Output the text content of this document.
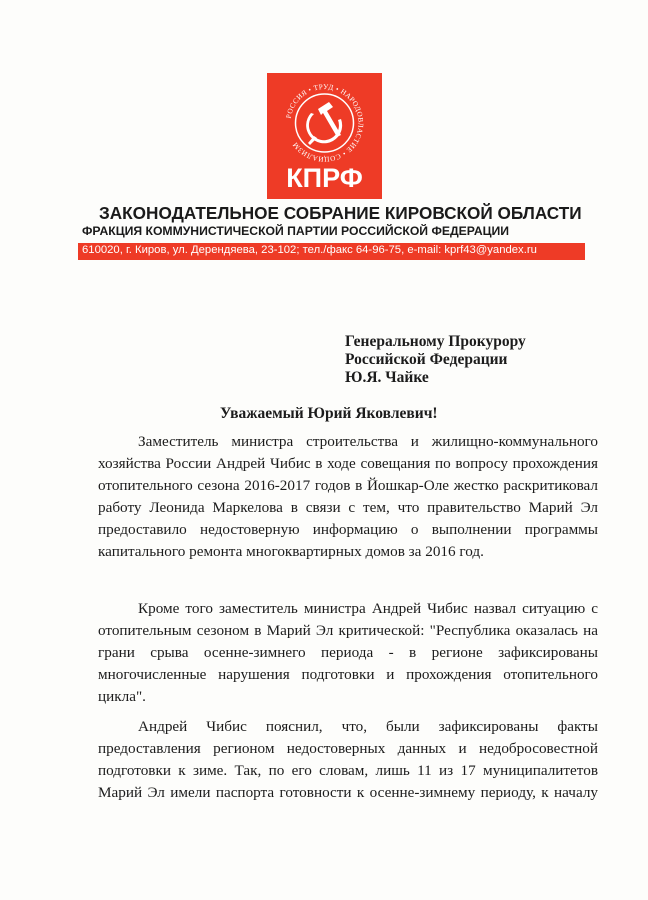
РОССИЯ • ТРУД • НАРОДОВЛАСТИЕ • СОЦИАЛИЗМ
КПРФ
ЗАКОНОДАТЕЛЬНОЕ СОБРАНИЕ КИРОВСКОЙ ОБЛАСТИ
ФРАКЦИЯ КОММУНИСТИЧЕСКОЙ ПАРТИИ РОССИЙСКОЙ ФЕДЕРАЦИИ
610020, г. Киров, ул. Дерендяева, 23-102; тел./факс 64-96-75, e-mail: kprf43@yandex.ru
Генеральному Прокурору
Российской Федерации
Ю.Я. Чайке
Уважаемый Юрий Яковлевич!
Заместитель министра строительства и жилищно-коммунального
хозяйства России Андрей Чибис в ходе совещания по вопросу прохождения
отопительного сезона 2016-2017 годов в Йошкар-Оле жестко раскритиковал
работу Леонида Маркелова в связи с тем, что правительство Марий Эл
предоставило недостоверную информацию о выполнении программы
капитального ремонта многоквартирных домов за 2016 год.
Кроме того заместитель министра Андрей Чибис назвал ситуацию с
отопительным сезоном в Марий Эл критической: "Республика оказалась на
грани срыва осенне-зимнего периода - в регионе зафиксированы
многочисленные нарушения подготовки и прохождения отопительного
цикла".
Андрей Чибис пояснил, что, были зафиксированы факты
предоставления регионом недостоверных данных и недобросовестной
подготовки к зиме. Так, по его словам, лишь 11 из 17 муниципалитетов
Марий Эл имели паспорта готовности к осенне-зимнему периоду, к началу
